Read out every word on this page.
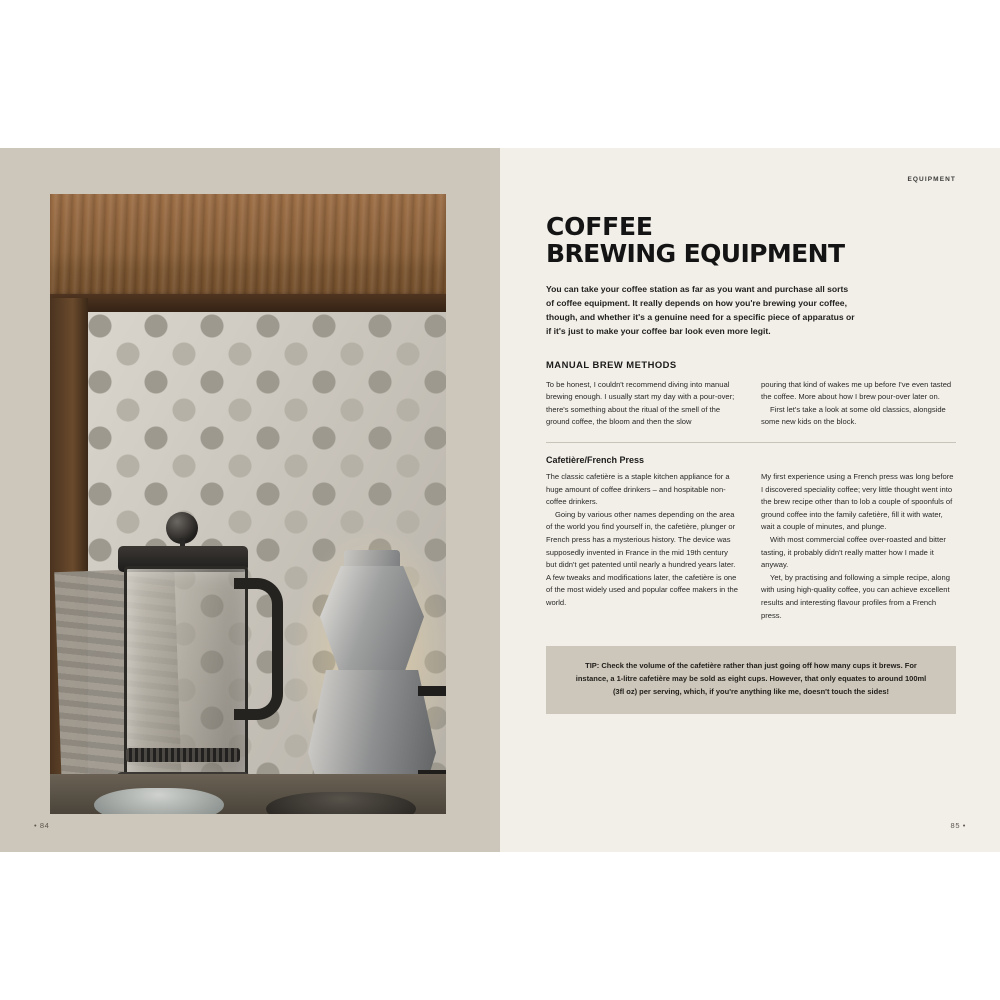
• 84
EQUIPMENT
COFFEE
BREWING EQUIPMENT
You can take your coffee station as far as you want and purchase all sorts of coffee equipment. It really depends on how you're brewing your coffee, though, and whether it's a genuine need for a specific piece of apparatus or if it's just to make your coffee bar look even more legit.
MANUAL BREW METHODS

To be honest, I couldn't recommend diving into manual brewing enough. I usually start my day with a pour-over; there's something about the ritual of the smell of the ground coffee, the bloom and then the slow

pouring that kind of wakes me up before I've even tasted the coffee. More about how I brew pour-over later on.

First let's take a look at some old classics, alongside some new kids on the block.

Cafetière/French Press

The classic cafetière is a staple kitchen appliance for a huge amount of coffee drinkers – and hospitable non-coffee drinkers.

Going by various other names depending on the area of the world you find yourself in, the cafetière, plunger or French press has a mysterious history. The device was supposedly invented in France in the mid 19th century but didn't get patented until nearly a hundred years later. A few tweaks and modifications later, the cafetière is one of the most widely used and popular coffee makers in the world.

My first experience using a French press was long before I discovered speciality coffee; very little thought went into the brew recipe other than to lob a couple of spoonfuls of ground coffee into the family cafetière, fill it with water, wait a couple of minutes, and plunge.

With most commercial coffee over-roasted and bitter tasting, it probably didn't really matter how I made it anyway.

Yet, by practising and following a simple recipe, along with using high-quality coffee, you can achieve excellent results and interesting flavour profiles from a French press.

TIP: Check the volume of the cafetière rather than just going off how many cups it brews. For instance, a 1-litre cafetière may be sold as eight cups. However, that only equates to around 100ml (3fl oz) per serving, which, if you're anything like me, doesn't touch the sides!

85 •
